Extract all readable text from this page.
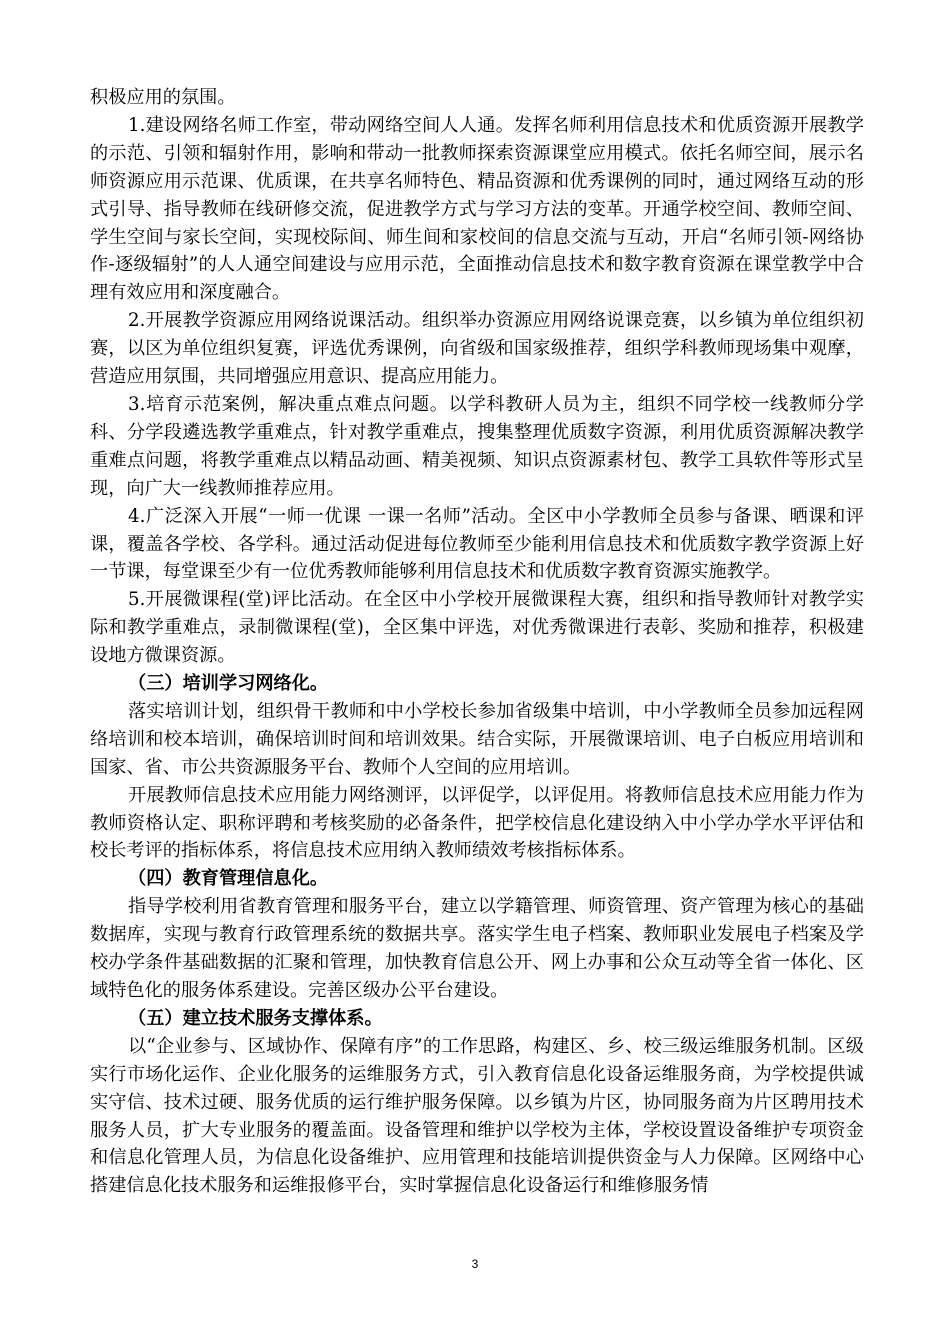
积极应用的氛围。

1.建设网络名师工作室，带动网络空间人人通。发挥名师利用信息技术和优质资源开展教学的示范、引领和辐射作用，影响和带动一批教师探索资源课堂应用模式。依托名师空间，展示名师资源应用示范课、优质课，在共享名师特色、精品资源和优秀课例的同时，通过网络互动的形式引导、指导教师在线研修交流，促进教学方式与学习方法的变革。开通学校空间、教师空间、学生空间与家长空间，实现校际间、师生间和家校间的信息交流与互动，开启“名师引领-网络协作-逐级辐射”的人人通空间建设与应用示范，全面推动信息技术和数字教育资源在课堂教学中合理有效应用和深度融合。

2.开展教学资源应用网络说课活动。组织举办资源应用网络说课竞赛，以乡镇为单位组织初赛，以区为单位组织复赛，评选优秀课例，向省级和国家级推荐，组织学科教师现场集中观摩，营造应用氛围，共同增强应用意识、提高应用能力。

3.培育示范案例，解决重点难点问题。以学科教研人员为主，组织不同学校一线教师分学科、分学段遴选教学重难点，针对教学重难点，搜集整理优质数字资源，利用优质资源解决教学重难点问题，将教学重难点以精品动画、精美视频、知识点资源素材包、教学工具软件等形式呈现，向广大一线教师推荐应用。

4.广泛深入开展“一师一优课 一课一名师”活动。全区中小学教师全员参与备课、晒课和评课，覆盖各学校、各学科。通过活动促进每位教师至少能利用信息技术和优质数字教学资源上好一节课，每堂课至少有一位优秀教师能够利用信息技术和优质数字教育资源实施教学。

5.开展微课程(堂)评比活动。在全区中小学校开展微课程大赛，组织和指导教师针对教学实际和教学重难点，录制微课程(堂)，全区集中评选，对优秀微课进行表彰、奖励和推荐，积极建设地方微课资源。

（三）培训学习网络化。

落实培训计划，组织骨干教师和中小学校长参加省级集中培训，中小学教师全员参加远程网络培训和校本培训，确保培训时间和培训效果。结合实际，开展微课培训、电子白板应用培训和国家、省、市公共资源服务平台、教师个人空间的应用培训。

开展教师信息技术应用能力网络测评，以评促学，以评促用。将教师信息技术应用能力作为教师资格认定、职称评聘和考核奖励的必备条件，把学校信息化建设纳入中小学办学水平评估和校长考评的指标体系，将信息技术应用纳入教师绩效考核指标体系。

（四）教育管理信息化。

指导学校利用省教育管理和服务平台，建立以学籍管理、师资管理、资产管理为核心的基础数据库，实现与教育行政管理系统的数据共享。落实学生电子档案、教师职业发展电子档案及学校办学条件基础数据的汇聚和管理，加快教育信息公开、网上办事和公众互动等全省一体化、区域特色化的服务体系建设。完善区级办公平台建设。

（五）建立技术服务支撑体系。

以“企业参与、区域协作、保障有序”的工作思路，构建区、乡、校三级运维服务机制。区级实行市场化运作、企业化服务的运维服务方式，引入教育信息化设备运维服务商，为学校提供诚实守信、技术过硬、服务优质的运行维护服务保障。以乡镇为片区，协同服务商为片区聘用技术服务人员，扩大专业服务的覆盖面。设备管理和维护以学校为主体，学校设置设备维护专项资金和信息化管理人员，为信息化设备维护、应用管理和技能培训提供资金与人力保障。区网络中心搭建信息化技术服务和运维报修平台，实时掌握信息化设备运行和维修服务情

3
